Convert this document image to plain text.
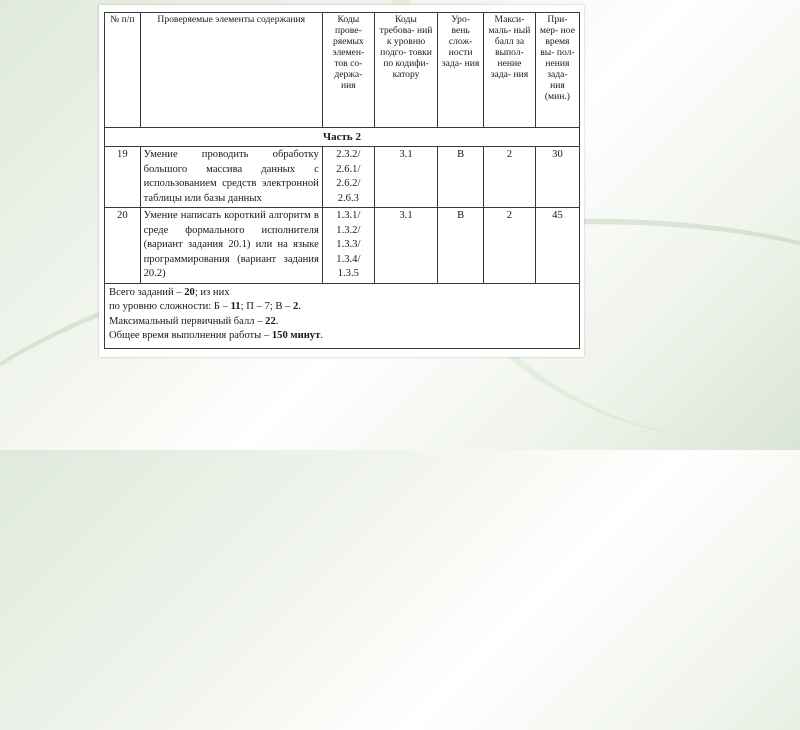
№ п/п	Проверяемые элементы содержания	Коды прове- ряемых элемен- тов со- держа- ния	Коды требова- ний к уровню подго- товки по кодифи- катору	Уро- вень слож- ности зада- ния	Макси- маль- ный балл за выпол- нение зада- ния	При- мер- ное время вы- пол- нения зада- ния (мин.)
Часть 2						
19	Умение проводить обработку большого массива данных с использованием средств электронной таблицы или базы данных	2.3.2/ 2.6.1/ 2.6.2/ 2.6.3	3.1	В	2	30
20	Умение написать короткий алгоритм в среде формального исполнителя (вариант задания 20.1) или на языке программирования (вариант задания 20.2)	1.3.1/ 1.3.2/ 1.3.3/ 1.3.4/ 1.3.5	3.1	В	2	45

Всего заданий – 20; из них
по уровню сложности: Б – 11; П – 7; В – 2.
Максимальный первичный балл – 22.
Общее время выполнения работы – 150 минут.						
